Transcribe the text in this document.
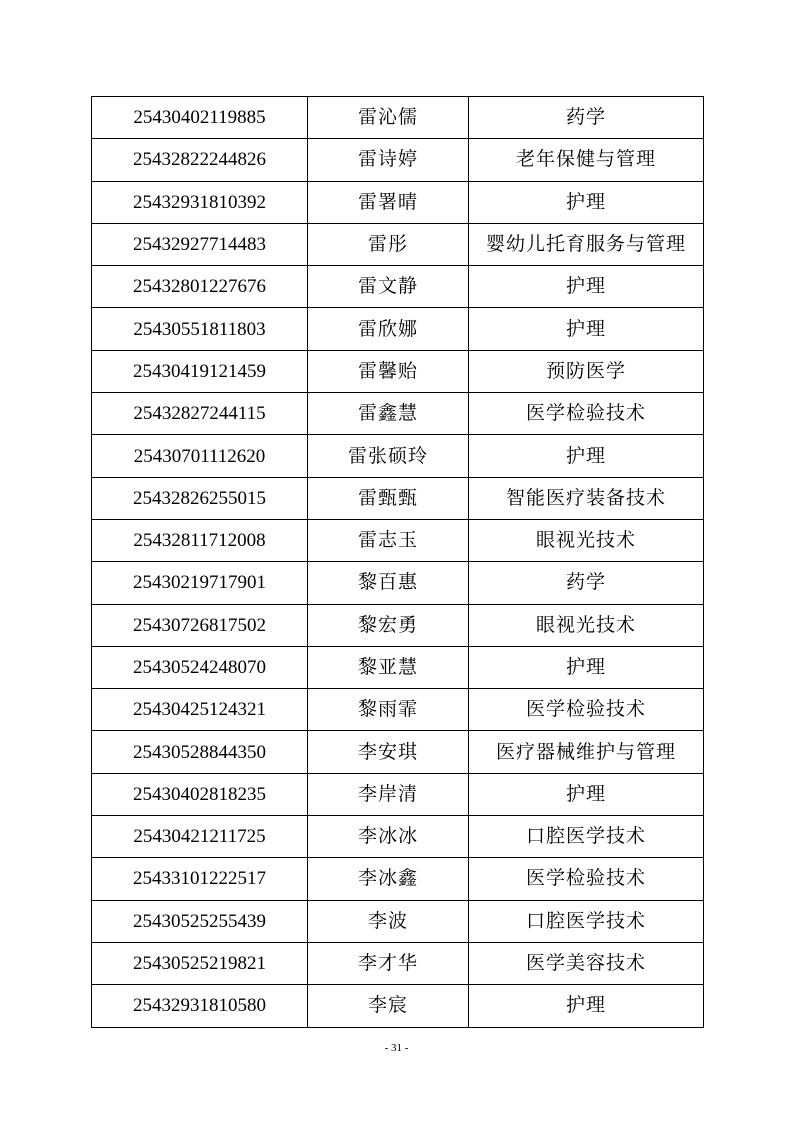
25430402119885	雷沁儒	药学
25432822244826	雷诗婷	老年保健与管理
25432931810392	雷署晴	护理
25432927714483	雷彤	婴幼儿托育服务与管理
25432801227676	雷文静	护理
25430551811803	雷欣娜	护理
25430419121459	雷馨贻	预防医学
25432827244115	雷鑫慧	医学检验技术
25430701112620	雷张硕玲	护理
25432826255015	雷甄甄	智能医疗装备技术
25432811712008	雷志玉	眼视光技术
25430219717901	黎百惠	药学
25430726817502	黎宏勇	眼视光技术
25430524248070	黎亚慧	护理
25430425124321	黎雨霏	医学检验技术
25430528844350	李安琪	医疗器械维护与管理
25430402818235	李岸清	护理
25430421211725	李冰冰	口腔医学技术
25433101222517	李冰鑫	医学检验技术
25430525255439	李波	口腔医学技术
25430525219821	李才华	医学美容技术
25432931810580	李宸	护理
- 31 -
